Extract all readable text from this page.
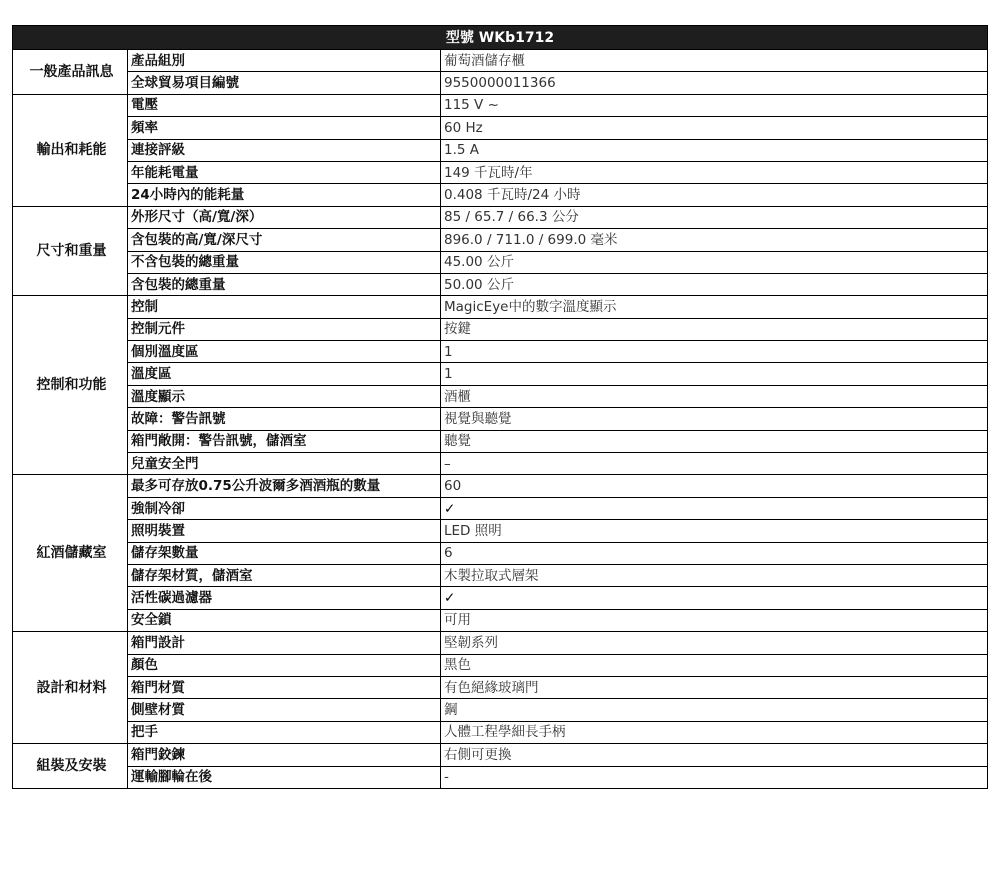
型號 WKb1712		
一般產品訊息	產品組別	葡萄酒儲存櫃
	全球貿易項目編號	9550000011366
輸出和耗能	電壓	115 V ~
	頻率	60 Hz
	連接評級	1.5 A
	年能耗電量	149 千瓦時/年
	24小時內的能耗量	0.408 千瓦時/24 小時
尺寸和重量	外形尺寸（高/寬/深）	85 / 65.7 / 66.3 公分
	含包裝的高/寬/深尺寸	896.0 / 711.0 / 699.0 毫米
	不含包裝的總重量	45.00 公斤
	含包裝的總重量	50.00 公斤
控制和功能	控制	MagicEye中的數字溫度顯示
	控制元件	按鍵
	個別溫度區	1
	溫度區	1
	溫度顯示	酒櫃
	故障：警告訊號	視覺與聽覺
	箱門敞開：警告訊號，儲酒室	聽覺
	兒童安全門	–
紅酒儲藏室	最多可存放0.75公升波爾多酒酒瓶的數量	60
	強制冷卻	✓
	照明裝置	LED 照明
	儲存架數量	6
	儲存架材質，儲酒室	木製拉取式層架
	活性碳過濾器	✓
	安全鎖	可用
設計和材料	箱門設計	堅韌系列
	顏色	黑色
	箱門材質	有色絕緣玻璃門
	側壁材質	鋼
	把手	人體工程學細長手柄
組裝及安裝	箱門鉸鍊	右側可更換
	運輸腳輪在後	-
